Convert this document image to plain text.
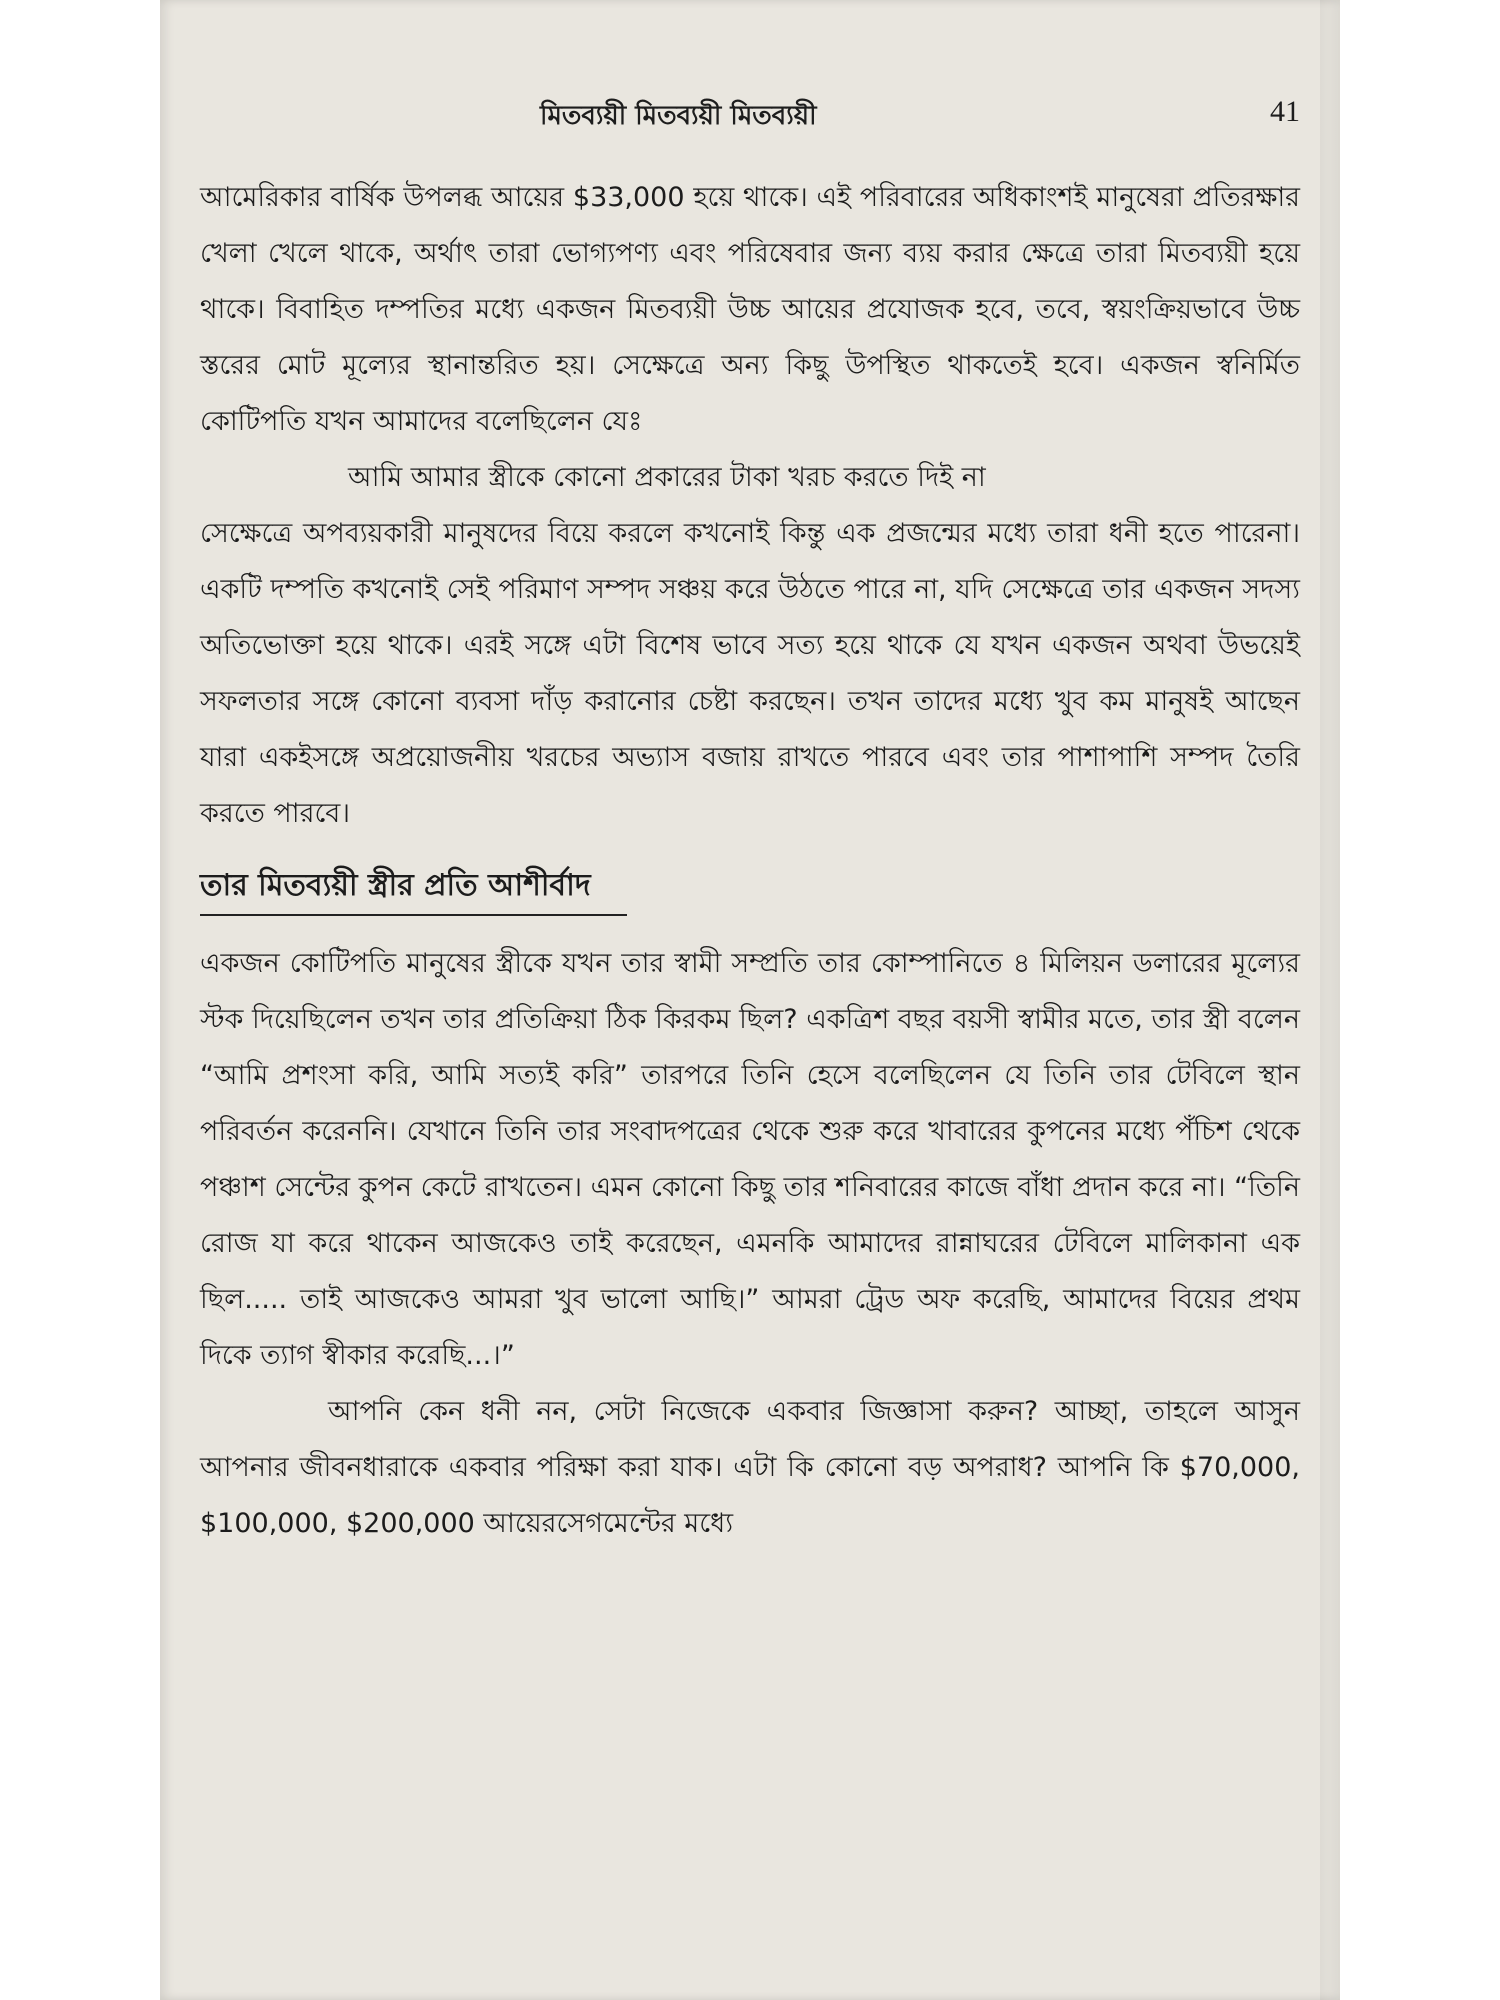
মিতব্যয়ী মিতব্যয়ী মিতব্যয়ী	41

আমেরিকার বার্ষিক উপলব্ধ আয়ের $33,000 হয়ে থাকে। এই পরিবারের অধিকাংশই মানুষেরা প্রতিরক্ষার খেলা খেলে থাকে, অর্থাৎ তারা ভোগ্যপণ্য এবং পরিষেবার জন্য ব্যয় করার ক্ষেত্রে তারা মিতব্যয়ী হয়ে থাকে। বিবাহিত দম্পতির মধ্যে একজন মিতব্যয়ী উচ্চ আয়ের প্রযোজক হবে, তবে, স্বয়ংক্রিয়ভাবে উচ্চ স্তরের মোট মূল্যের স্থানান্তরিত হয়। সেক্ষেত্রে অন্য কিছু উপস্থিত থাকতেই হবে। একজন স্বনির্মিত কোটিপতি যখন আমাদের বলেছিলেন যেঃ

আমি আমার স্ত্রীকে কোনো প্রকারের টাকা খরচ করতে দিই না

সেক্ষেত্রে অপব্যয়কারী মানুষদের বিয়ে করলে কখনোই কিন্তু এক প্রজন্মের মধ্যে তারা ধনী হতে পারেনা। একটি দম্পতি কখনোই সেই পরিমাণ সম্পদ সঞ্চয় করে উঠতে পারে না, যদি সেক্ষেত্রে তার একজন সদস্য অতিভোক্তা হয়ে থাকে। এরই সঙ্গে এটা বিশেষ ভাবে সত্য হয়ে থাকে যে যখন একজন অথবা উভয়েই সফলতার সঙ্গে কোনো ব্যবসা দাঁড় করানোর চেষ্টা করছেন। তখন তাদের মধ্যে খুব কম মানুষই আছেন যারা একইসঙ্গে অপ্রয়োজনীয় খরচের অভ্যাস বজায় রাখতে পারবে এবং তার পাশাপাশি সম্পদ তৈরি করতে পারবে।

তার মিতব্যয়ী স্ত্রীর প্রতি আশীর্বাদ

একজন কোটিপতি মানুষের স্ত্রীকে যখন তার স্বামী সম্প্রতি তার কোম্পানিতে ৪ মিলিয়ন ডলারের মূল্যের স্টক দিয়েছিলেন তখন তার প্রতিক্রিয়া ঠিক কিরকম ছিল? একত্রিশ বছর বয়সী স্বামীর মতে, তার স্ত্রী বলেন “আমি প্রশংসা করি, আমি সত্যই করি” তারপরে তিনি হেসে বলেছিলেন যে তিনি তার টেবিলে স্থান পরিবর্তন করেননি। যেখানে তিনি তার সংবাদপত্রের থেকে শুরু করে খাবারের কুপনের মধ্যে পঁচিশ থেকে পঞ্চাশ সেন্টের কুপন কেটে রাখতেন। এমন কোনো কিছু তার শনিবারের কাজে বাঁধা প্রদান করে না। “তিনি রোজ যা করে থাকেন আজকেও তাই করেছেন, এমনকি আমাদের রান্নাঘরের টেবিলে মালিকানা এক ছিল..... তাই আজকেও আমরা খুব ভালো আছি।” আমরা ট্রেড অফ করেছি, আমাদের বিয়ের প্রথম দিকে ত্যাগ স্বীকার করেছি...।”

আপনি কেন ধনী নন, সেটা নিজেকে একবার জিজ্ঞাসা করুন? আচ্ছা, তাহলে আসুন আপনার জীবনধারাকে একবার পরিক্ষা করা যাক। এটা কি কোনো বড় অপরাধ? আপনি কি $70,000, $100,000, $200,000 আয়েরসেগমেন্টের মধ্যে
